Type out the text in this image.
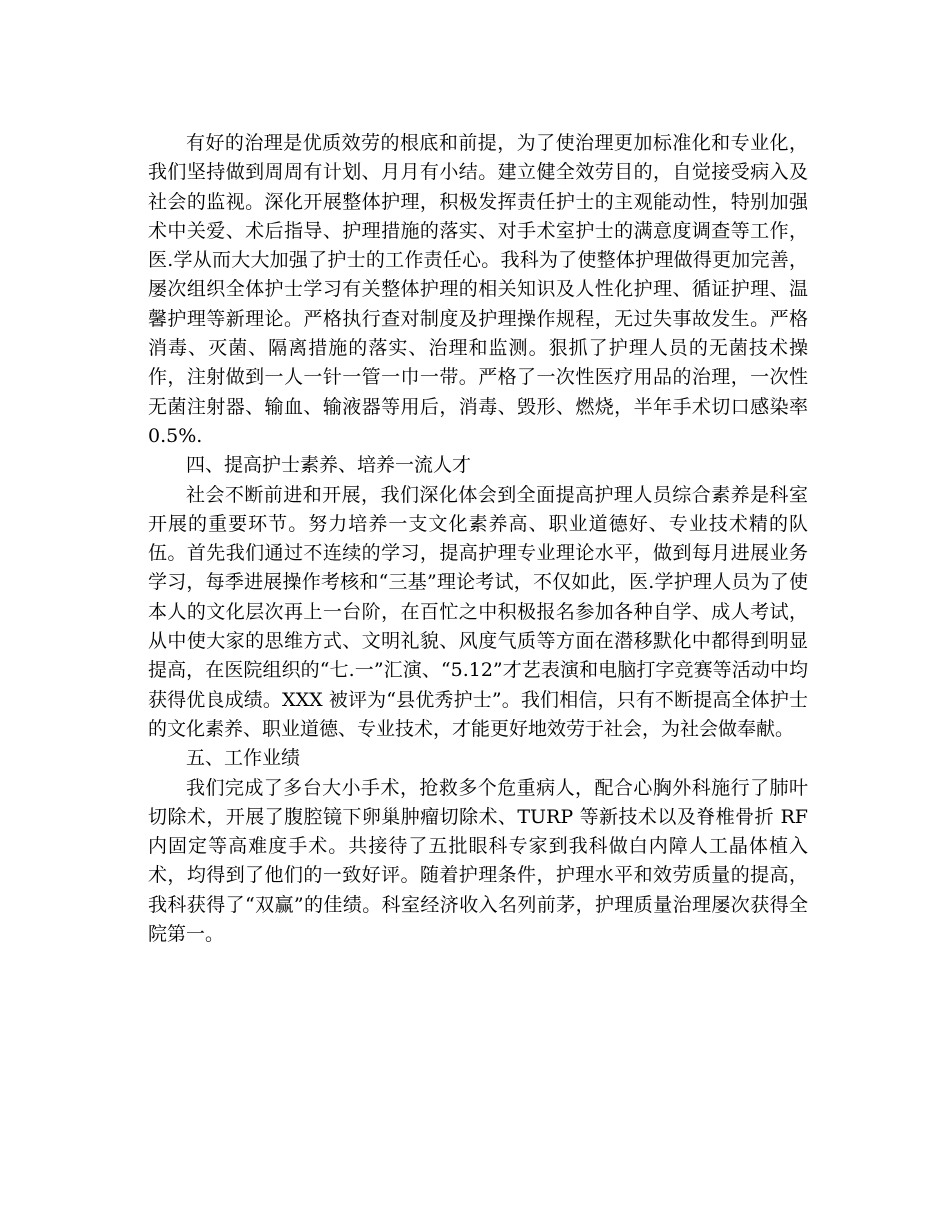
有好的治理是优质效劳的根底和前提，为了使治理更加标准化和专业化，我们坚持做到周周有计划、月月有小结。建立健全效劳目的，自觉接受病入及社会的监视。深化开展整体护理，积极发挥责任护士的主观能动性，特别加强术中关爱、术后指导、护理措施的落实、对手术室护士的满意度调查等工作，医.学从而大大加强了护士的工作责任心。我科为了使整体护理做得更加完善，屡次组织全体护士学习有关整体护理的相关知识及人性化护理、循证护理、温馨护理等新理论。严格执行查对制度及护理操作规程，无过失事故发生。严格消毒、灭菌、隔离措施的落实、治理和监测。狠抓了护理人员的无菌技术操作，注射做到一人一针一管一巾一带。严格了一次性医疗用品的治理，一次性无菌注射器、输血、输液器等用后，消毒、毁形、燃烧，半年手术切口感染率 0.5%.

四、提高护士素养、培养一流人才

社会不断前进和开展，我们深化体会到全面提高护理人员综合素养是科室开展的重要环节。努力培养一支文化素养高、职业道德好、专业技术精的队伍。首先我们通过不连续的学习，提高护理专业理论水平，做到每月进展业务学习，每季进展操作考核和“三基”理论考试，不仅如此，医.学护理人员为了使本人的文化层次再上一台阶，在百忙之中积极报名参加各种自学、成人考试，从中使大家的思维方式、文明礼貌、风度气质等方面在潜移默化中都得到明显提高，在医院组织的“七.一”汇演、“5.12”才艺表演和电脑打字竞赛等活动中均获得优良成绩。XXX 被评为“县优秀护士”。我们相信，只有不断提高全体护士的文化素养、职业道德、专业技术，才能更好地效劳于社会，为社会做奉献。

五、工作业绩

我们完成了多台大小手术，抢救多个危重病人，配合心胸外科施行了肺叶切除术，开展了腹腔镜下卵巢肿瘤切除术、TURP 等新技术以及脊椎骨折 RF 内固定等高难度手术。共接待了五批眼科专家到我科做白内障人工晶体植入术，均得到了他们的一致好评。随着护理条件，护理水平和效劳质量的提高，我科获得了“双赢”的佳绩。科室经济收入名列前茅，护理质量治理屡次获得全院第一。
